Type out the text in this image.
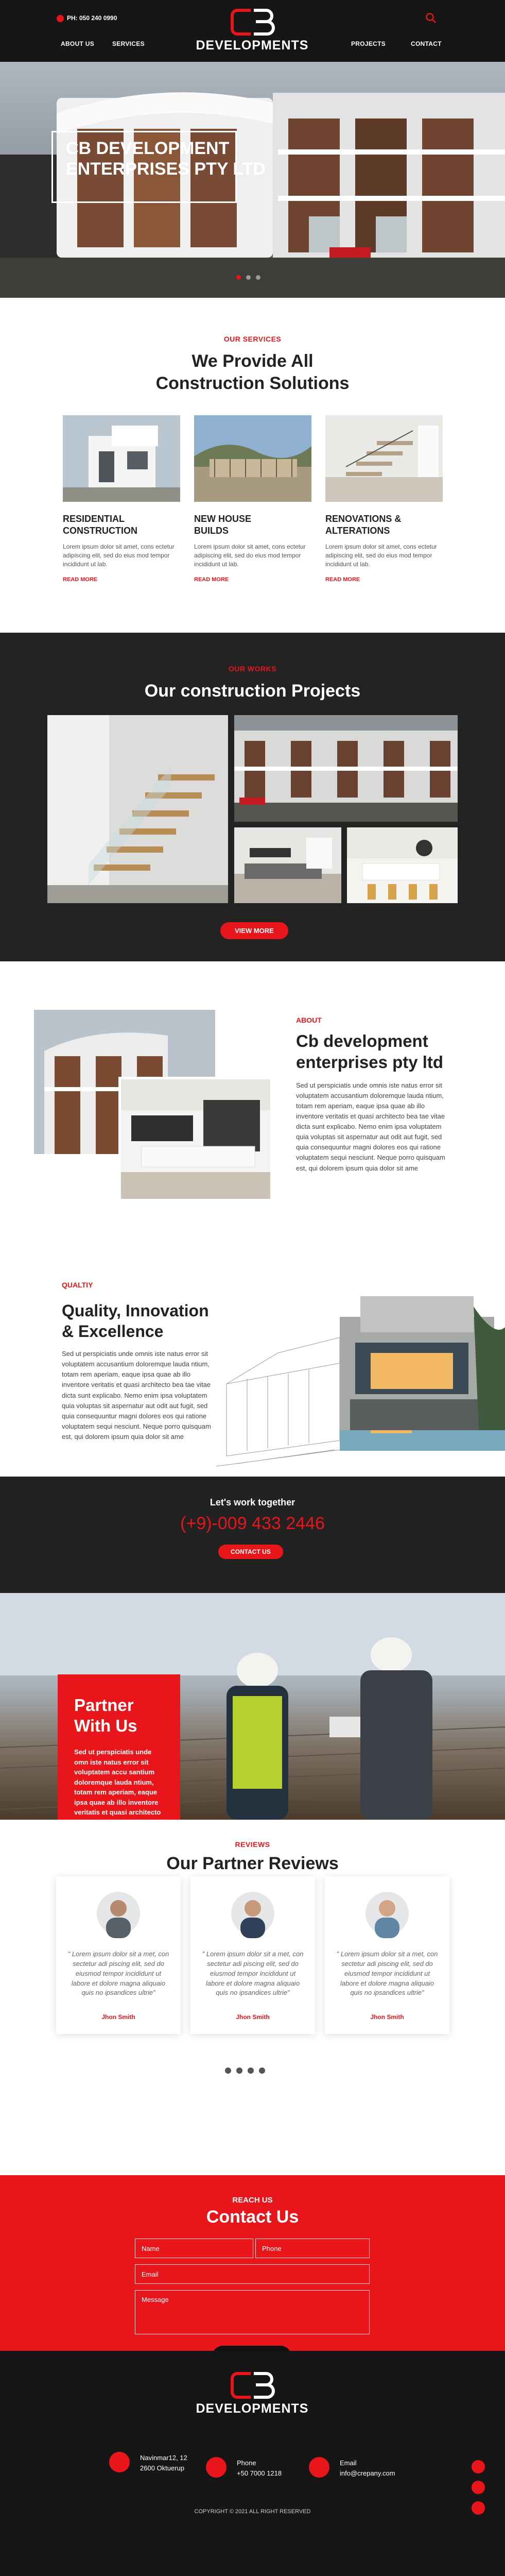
PH: 050 240 0990
ABOUT US	SERVICES	DEVELOPMENTS	PROJECTS	CONTACT
CB DEVELOPMENT
ENTERPRISES PTY LTD
OUR SERVICES
We Provide All
Construction Solutions
RESIDENTIAL
CONSTRUCTION

Lorem ipsum dolor sit amet, cons ectetur adipiscing elit, sed do eius mod tempor incididunt ut lab.

READ MORE
NEW HOUSE
BUILDS

Lorem ipsum dolor sit amet, cons ectetur adipiscing elit, sed do eius mod tempor incididunt ut lab.

READ MORE
RENOVATIONS &
ALTERATIONS

Lorem ipsum dolor sit amet, cons ectetur adipiscing elit, sed do eius mod tempor incididunt ut lab.

READ MORE
OUR WORKS
Our construction Projects
VIEW MORE
ABOUT
Cb development
enterprises pty ltd

Sed ut perspiciatis unde omnis iste natus error sit voluptatem accusantium doloremque lauda ntium, totam rem aperiam, eaque ipsa quae ab illo inventore veritatis et quasi architecto bea tae vitae dicta sunt explicabo. Nemo enim ipsa voluptatem quia voluptas sit aspernatur aut odit aut fugit, sed quia consequuntur magni dolores eos qui ratione voluptatem sequi nesciunt. Neque porro quisquam est, qui dolorem ipsum quia dolor sit ame

QUALTIY
Quality, Innovation
& Excellence

Sed ut perspiciatis unde omnis iste natus error sit voluptatem accusantium doloremque lauda ntium, totam rem aperiam, eaque ipsa quae ab illo inventore veritatis et quasi architecto bea tae vitae dicta sunt explicabo. Nemo enim ipsa voluptatem quia voluptas sit aspernatur aut odit aut fugit, sed quia consequuntur magni dolores eos qui ratione voluptatem sequi nesciunt. Neque porro quisquam est, qui dolorem ipsum quia dolor sit ame

Let's work together
(+9)-009 433 2446
CONTACT US
Partner
With Us

Sed ut perspiciatis unde omn iste natus error sit voluptatem accu santium doloremque lauda ntium, totam rem aperiam, eaque ipsa quae ab illo inventore veritatis et quasi architecto

REVIEWS
Our Partner Reviews

" Lorem ipsum dolor sit a met, con sectetur adi piscing elit, sed do eiusmod tempor incididunt ut labore et dolore magna aliquaio quis no ipsandices ultrie"

Jhon Smith

" Lorem ipsum dolor sit a met, con sectetur adi piscing elit, sed do eiusmod tempor incididunt ut labore et dolore magna aliquaio quis no ipsandices ultrie"

Jhon Smith

" Lorem ipsum dolor sit a met, con sectetur adi piscing elit, sed do eiusmod tempor incididunt ut labore et dolore magna aliquaio quis no ipsandices ultrie"

Jhon Smith
REACH US
Contact Us
Name
Phone
Email
Message
DEVELOPMENTS
Navinmar12, 12
2600 Oktuerup
Phone
+50 7000 1218
Email
info@crepany.com
COPYRIGHT © 2021 ALL RIGHT RESERVED
